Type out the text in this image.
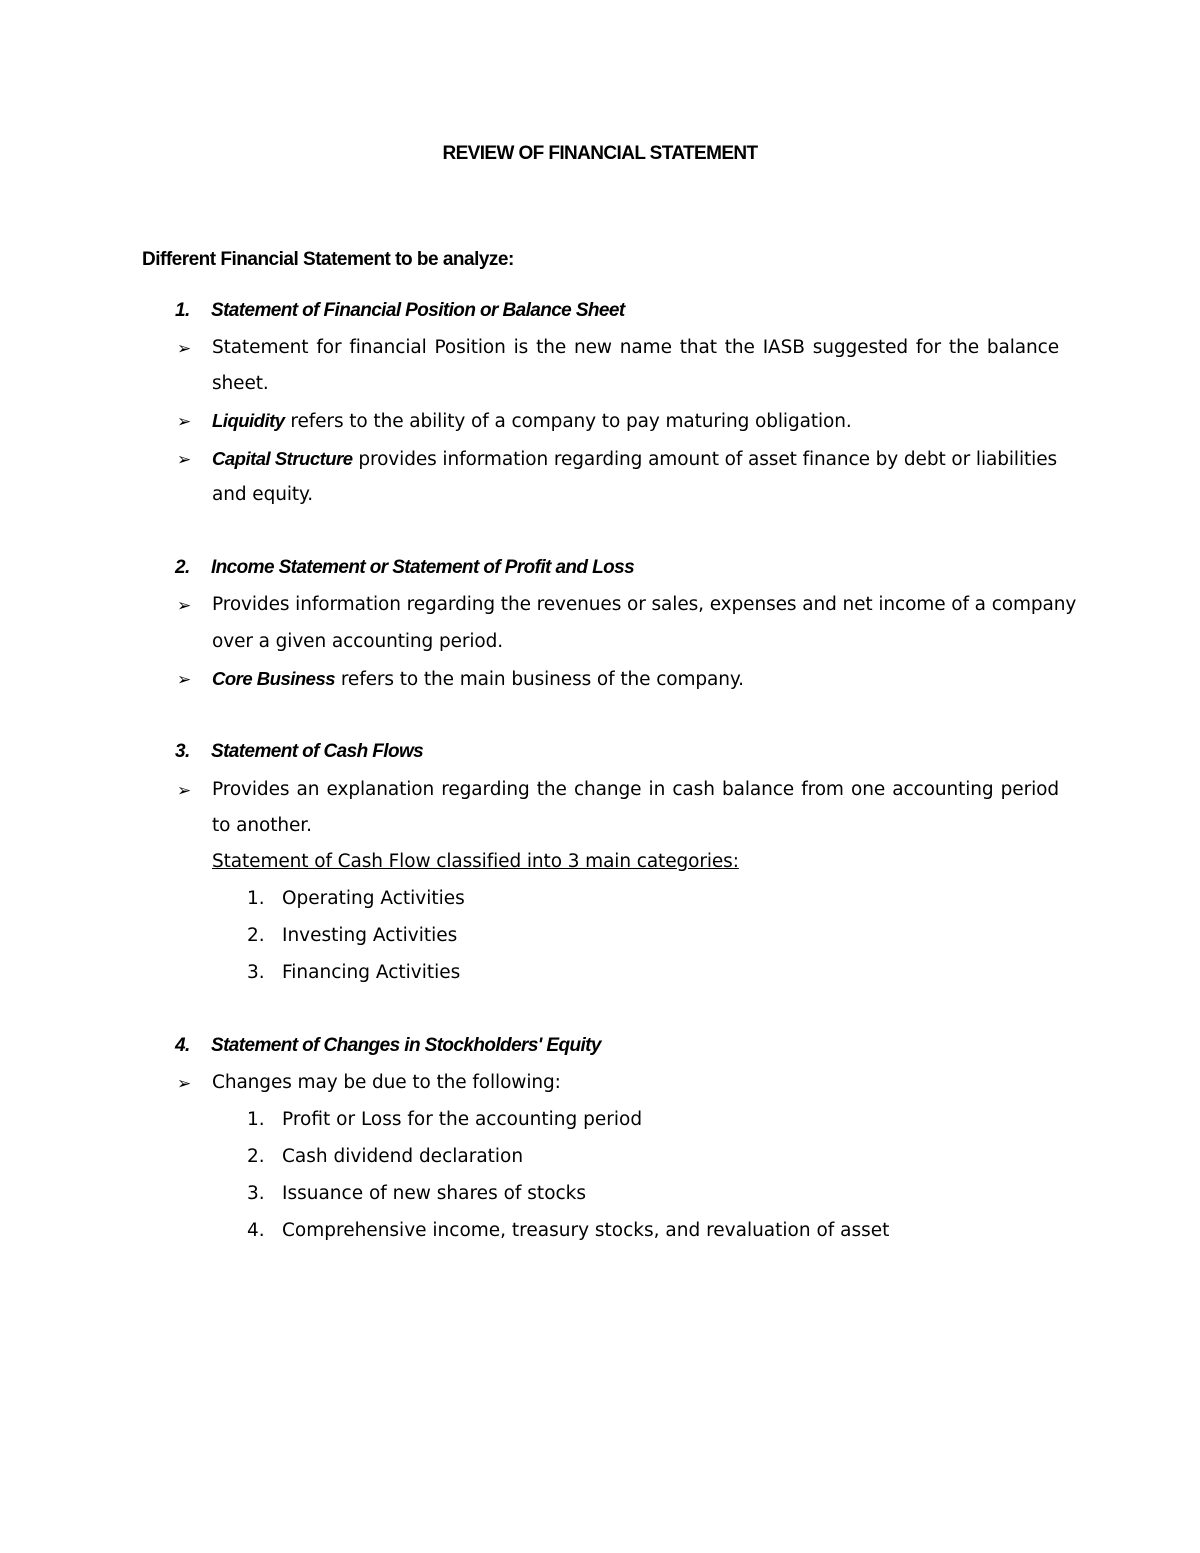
REVIEW OF FINANCIAL STATEMENT
Different Financial Statement to be analyze:
1. Statement of Financial Position or Balance Sheet
➢ Statement for financial Position is the new name that the IASB suggested for the balance
sheet.
➢ Liquidity refers to the ability of a company to pay maturing obligation.
➢ Capital Structure provides information regarding amount of asset finance by debt or liabilities
and equity.
2. Income Statement or Statement of Profit and Loss
➢ Provides information regarding the revenues or sales, expenses and net income of a company
over a given accounting period.
➢ Core Business refers to the main business of the company.
3. Statement of Cash Flows
➢ Provides an explanation regarding the change in cash balance from one accounting period
to another.
Statement of Cash Flow classified into 3 main categories:
1. Operating Activities
2. Investing Activities
3. Financing Activities
4. Statement of Changes in Stockholders' Equity
➢ Changes may be due to the following:
1. Profit or Loss for the accounting period
2. Cash dividend declaration
3. Issuance of new shares of stocks
4. Comprehensive income, treasury stocks, and revaluation of asset
